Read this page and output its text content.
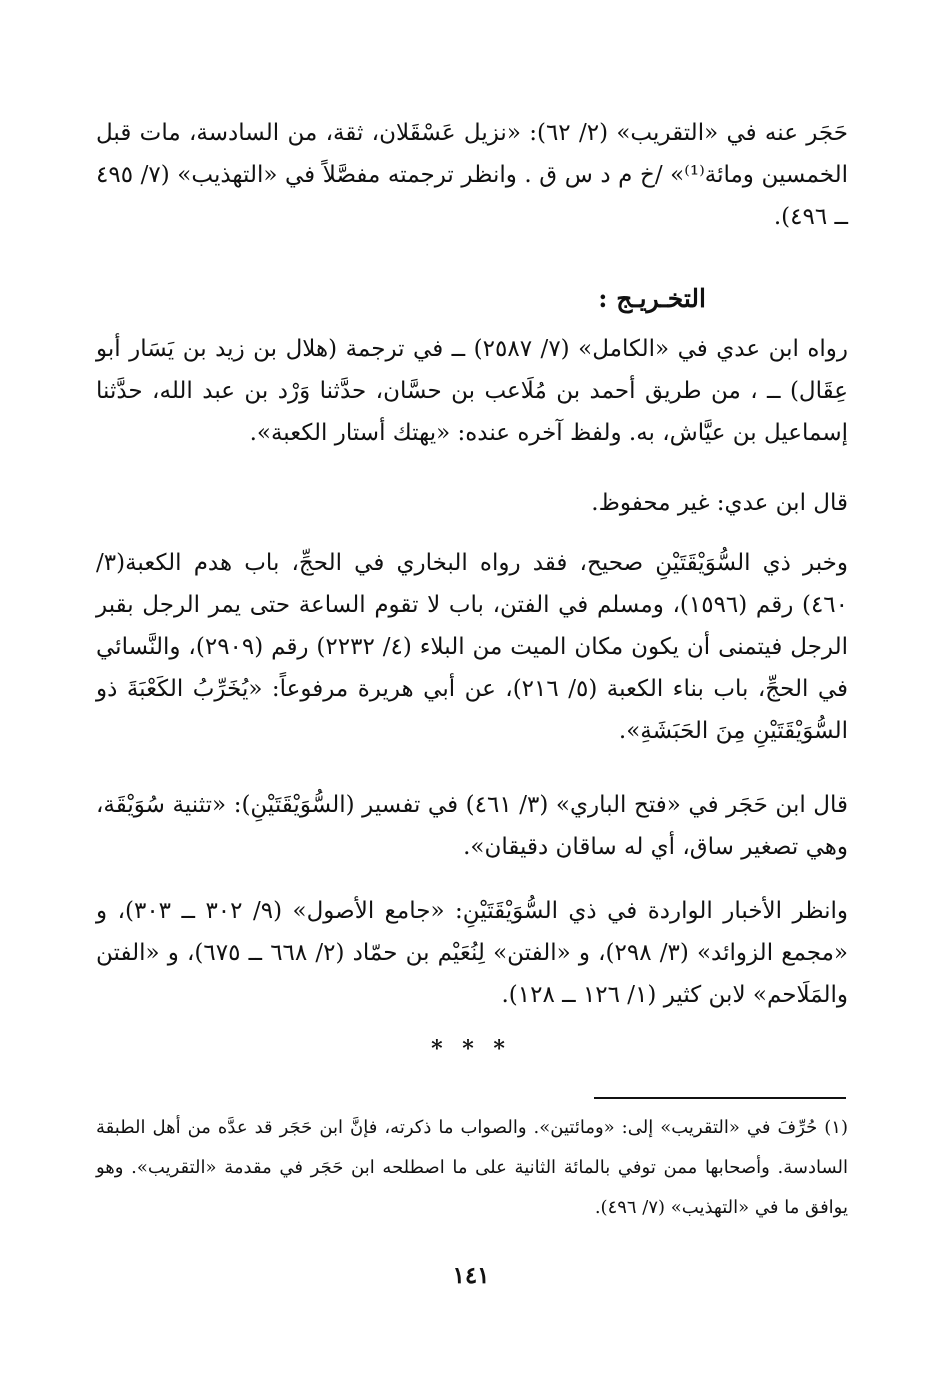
حَجَر عنه في «التقريب» (٢/ ٦٢): «نزيل عَسْقَلان، ثقة، من السادسة، مات قبل الخمسين ومائة⁽¹⁾» /خ م د س ق . وانظر ترجمته مفصَّلاً في «التهذيب» (٧/ ٤٩٥ ــ ٤٩٦).
التخـريـج :
رواه ابن عدي في «الكامل» (٧/ ٢٥٨٧) ــ في ترجمة (هلال بن زيد بن يَسَار أبو عِقَال) ــ ، من طريق أحمد بن مُلَاعب بن حسَّان، حدَّثنا وَرْد بن عبد الله، حدَّثنا إسماعيل بن عيَّاش، به. ولفظ آخره عنده: «يهتك أستار الكعبة».
قال ابن عدي: غير محفوظ.
وخبر ذي السُّوَيْقَتَيْنِ صحيح، فقد رواه البخاري في الحجِّ، باب هدم الكعبة(٣/ ٤٦٠) رقم (١٥٩٦)، ومسلم في الفتن، باب لا تقوم الساعة حتى يمر الرجل بقبر الرجل فيتمنى أن يكون مكان الميت من البلاء (٤/ ٢٢٣٢) رقم (٢٩٠٩)، والنَّسائي في الحجِّ، باب بناء الكعبة (٥/ ٢١٦)، عن أبي هريرة مرفوعاً: «يُخَرِّبُ الكَعْبَةَ ذو السُّوَيْقَتَيْنِ مِنَ الحَبَشَةِ».
قال ابن حَجَر في «فتح الباري» (٣/ ٤٦١) في تفسير (السُّوَيْقَتَيْنِ): «تثنية سُوَيْقَة، وهي تصغير ساق، أي له ساقان دقيقان».
وانظر الأخبار الواردة في ذي السُّوَيْقَتَيْنِ: «جامع الأصول» (٩/ ٣٠٢ ــ ٣٠٣)، و «مجمع الزوائد» (٣/ ٢٩٨)، و «الفتن» لِنُعَيْم بن حمّاد (٢/ ٦٦٨ ــ ٦٧٥)، و «الفتن والمَلَاحم» لابن كثير (١/ ١٢٦ ــ ١٢٨).
* * *
(١) حُرِّفَ في «التقريب» إلى: «ومائتين». والصواب ما ذكرته، فإنَّ ابن حَجَر قد عدَّه من أهل الطبقة السادسة. وأصحابها ممن توفي بالمائة الثانية على ما اصطلحه ابن حَجَر في مقدمة «التقريب». وهو يوافق ما في «التهذيب» (٧/ ٤٩٦).
١٤١
